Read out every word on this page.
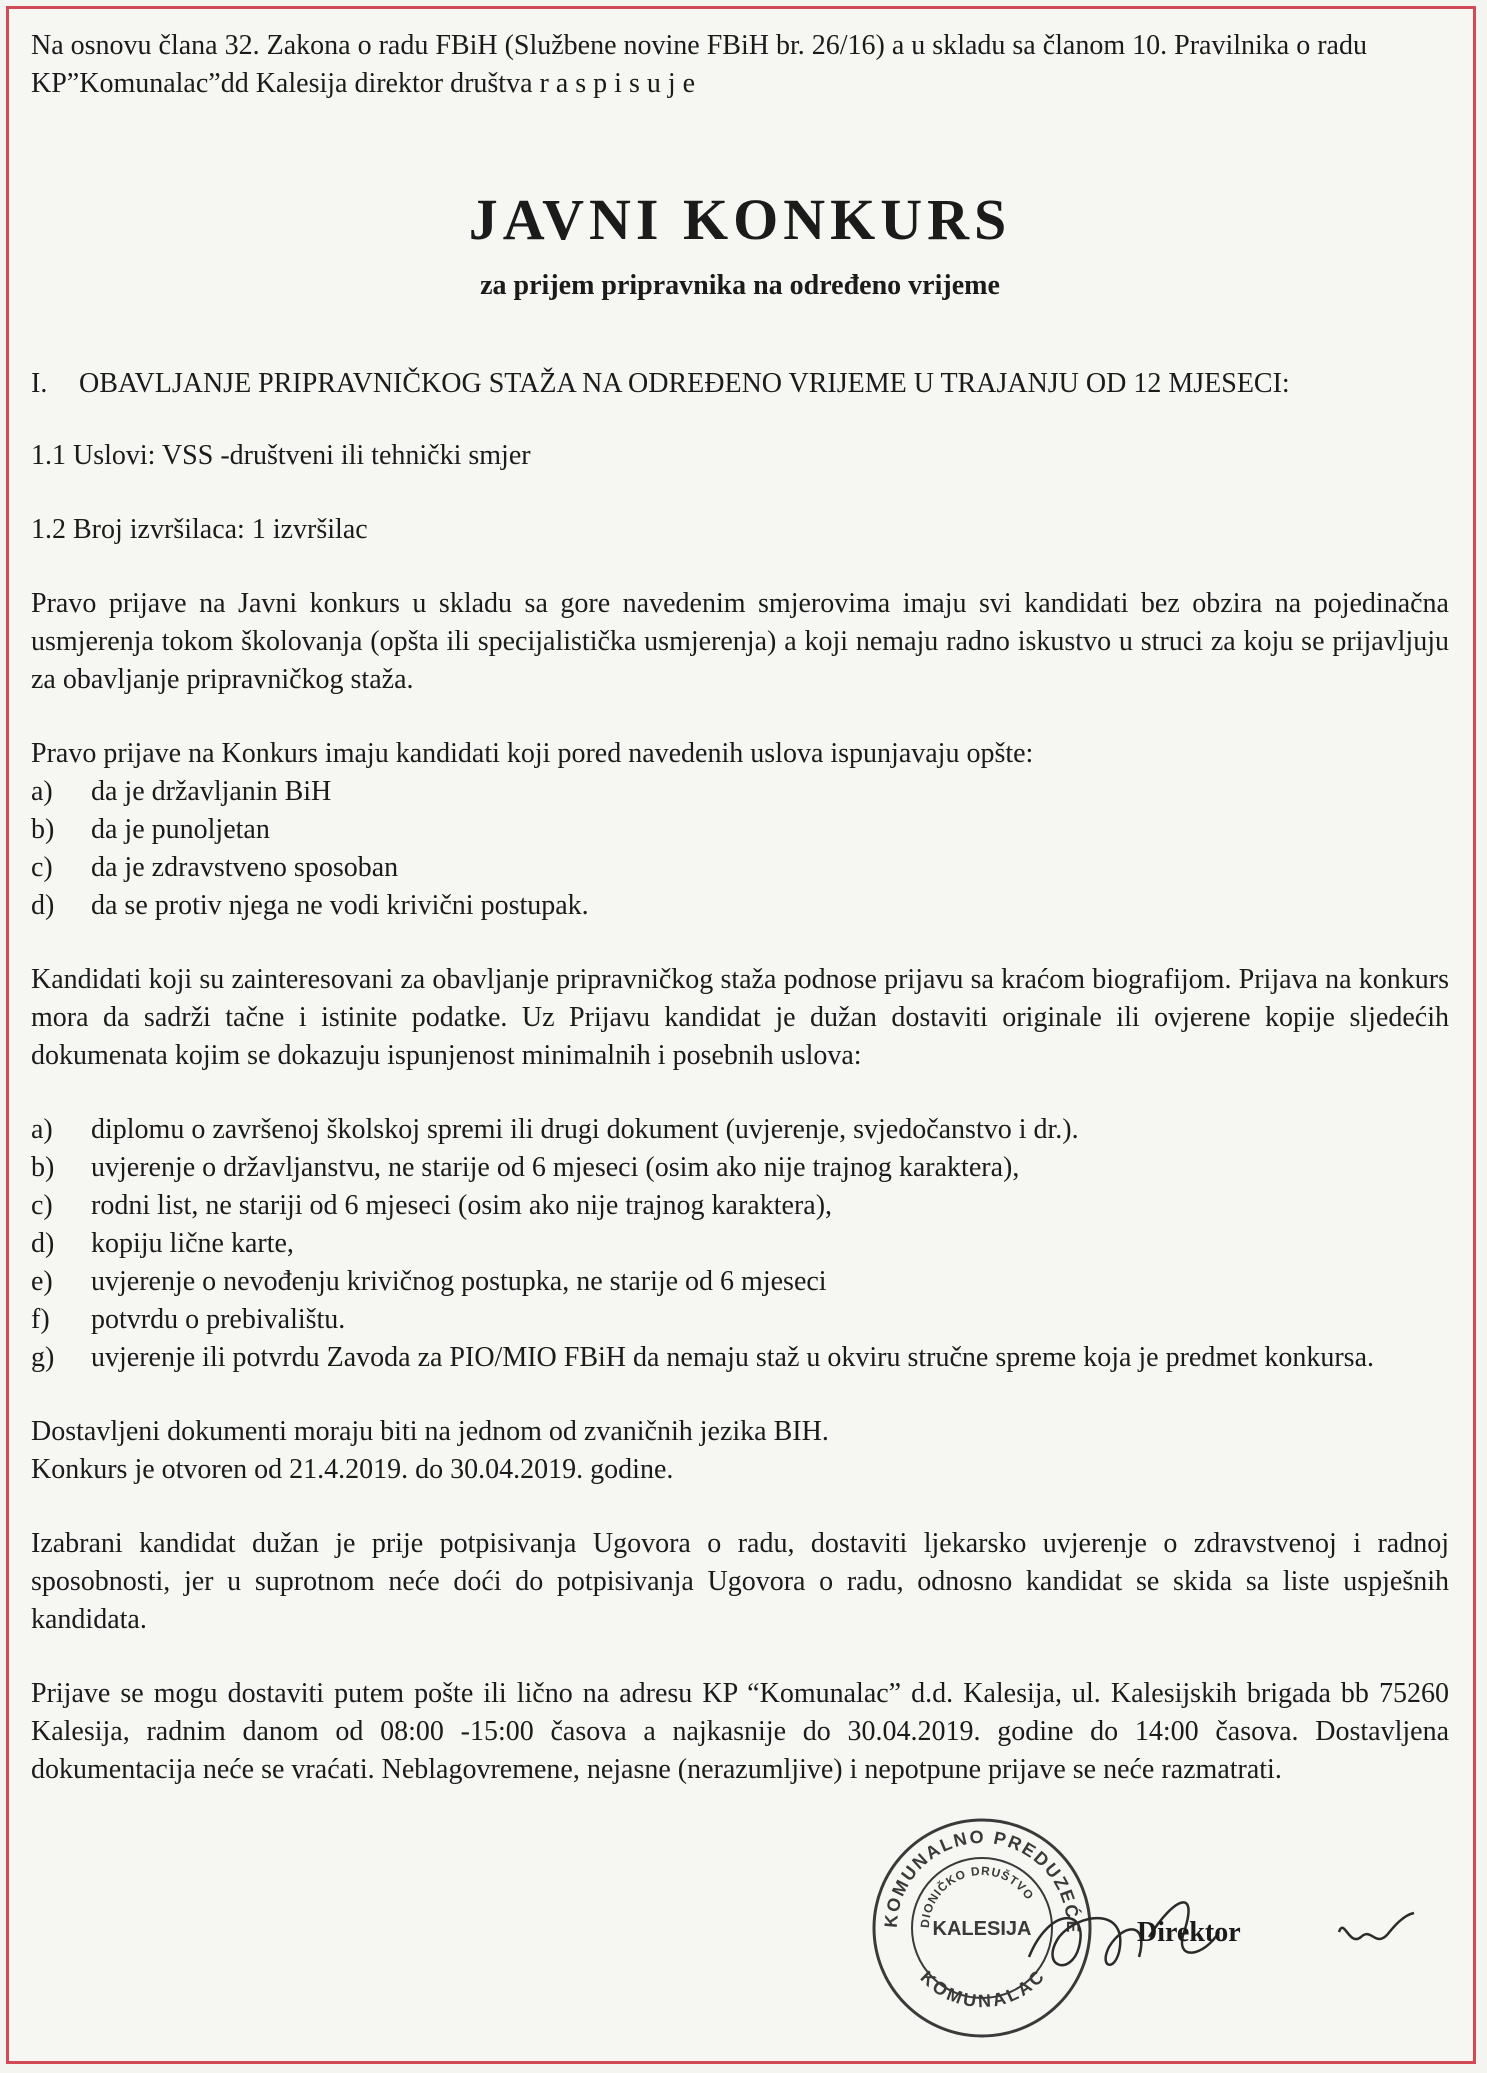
Na osnovu člana 32. Zakona o radu FBiH (Službene novine FBiH br. 26/16) a u skladu sa članom 10. Pravilnika o radu KP”Komunalac”dd Kalesija direktor društva r a s p i s u j e

JAVNI KONKURS
za prijem pripravnika na određeno vrijeme
I.	OBAVLJANJE PRIPRAVNIČKOG STAŽA NA ODREĐENO VRIJEME U TRAJANJU OD 12 MJESECI:
1.1 Uslovi: VSS -društveni ili tehnički smjer
1.2 Broj izvršilaca: 1 izvršilac

Pravo prijave na Javni konkurs u skladu sa gore navedenim smjerovima imaju svi kandidati bez obzira na pojedinačna usmjerenja tokom školovanja (opšta ili specijalistička usmjerenja) a koji nemaju radno iskustvo u struci za koju se prijavljuju za obavljanje pripravničkog staža.

Pravo prijave na Konkurs imaju kandidati koji pored navedenih uslova ispunjavaju opšte:

a)	da je državljanin BiH
b)	da je punoljetan
c)	da je zdravstveno sposoban
d)	da se protiv njega ne vodi krivični postupak.

Kandidati koji su zainteresovani za obavljanje pripravničkog staža podnose prijavu sa kraćom biografijom. Prijava na konkurs mora da sadrži tačne i istinite podatke. Uz Prijavu kandidat je dužan dostaviti originale ili ovjerene kopije sljedećih dokumenata kojim se dokazuju ispunjenost minimalnih i posebnih uslova:

a)	diplomu o završenoj školskoj spremi ili drugi dokument (uvjerenje, svjedočanstvo i dr.).
b)	uvjerenje o državljanstvu, ne starije od 6 mjeseci (osim ako nije trajnog karaktera),
c)	rodni list, ne stariji od 6 mjeseci (osim ako nije trajnog karaktera),
d)	kopiju lične karte,
e)	uvjerenje o nevođenju krivičnog postupka, ne starije od 6 mjeseci
f)	potvrdu o prebivalištu.
g)	uvjerenje ili potvrdu Zavoda za PIO/MIO FBiH da nemaju staž u okviru stručne spreme koja je predmet konkursa.

Dostavljeni dokumenti moraju biti na jednom od zvaničnih jezika BIH.

Konkurs je otvoren od 21.4.2019. do 30.04.2019. godine.

Izabrani kandidat dužan je prije potpisivanja Ugovora o radu, dostaviti ljekarsko uvjerenje o zdravstvenoj i radnoj sposobnosti, jer u suprotnom neće doći do potpisivanja Ugovora o radu, odnosno kandidat se skida sa liste uspješnih kandidata.

Prijave se mogu dostaviti putem pošte ili lično na adresu KP “Komunalac” d.d. Kalesija, ul. Kalesijskih brigada bb 75260 Kalesija, radnim danom od 08:00 -15:00 časova a najkasnije do 30.04.2019. godine do 14:00 časova. Dostavljena dokumentacija neće se vraćati. Neblagovremene, nejasne (nerazumljive) i nepotpune prijave se neće razmatrati.

KOMUNALNO PREDUZEĆE
KOMUNALAC
DIONIČKO DRUŠTVO
KALESIJA	Direktor
